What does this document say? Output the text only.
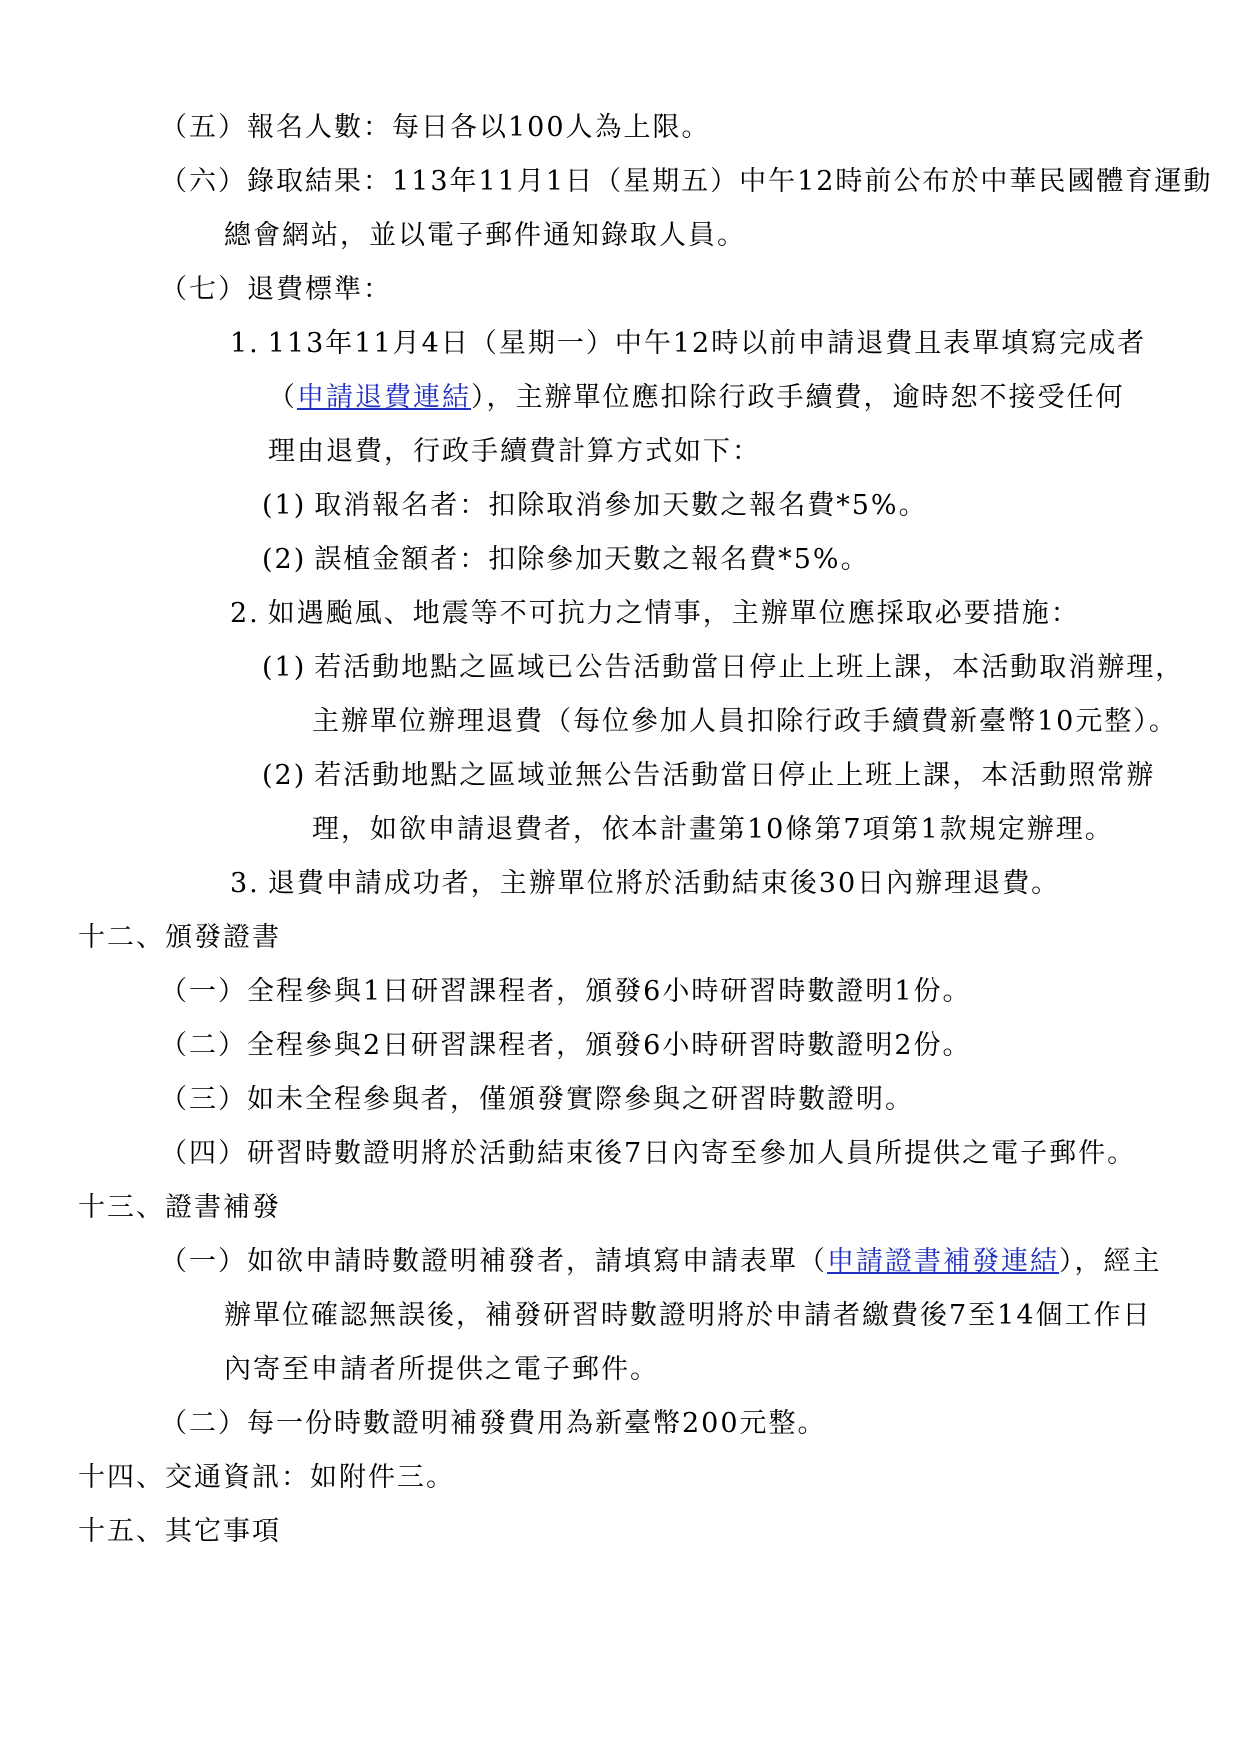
（五）報名人數：每日各以100人為上限。
（六）錄取結果：113年11月1日（星期五）中午12時前公布於中華民國體育運動
總會網站，並以電子郵件通知錄取人員。
（七）退費標準：
1. 113年11月4日（星期一）中午12時以前申請退費且表單填寫完成者
（申請退費連結），主辦單位應扣除行政手續費，逾時恕不接受任何
理由退費，行政手續費計算方式如下：
(1) 取消報名者：扣除取消參加天數之報名費*5%。
(2) 誤植金額者：扣除參加天數之報名費*5%。
2. 如遇颱風、地震等不可抗力之情事，主辦單位應採取必要措施：
(1) 若活動地點之區域已公告活動當日停止上班上課，本活動取消辦理，
主辦單位辦理退費（每位參加人員扣除行政手續費新臺幣10元整）。
(2) 若活動地點之區域並無公告活動當日停止上班上課，本活動照常辦
理，如欲申請退費者，依本計畫第10條第7項第1款規定辦理。
3. 退費申請成功者，主辦單位將於活動結束後30日內辦理退費。
十二、頒發證書
（一）全程參與1日研習課程者，頒發6小時研習時數證明1份。
（二）全程參與2日研習課程者，頒發6小時研習時數證明2份。
（三）如未全程參與者，僅頒發實際參與之研習時數證明。
（四）研習時數證明將於活動結束後7日內寄至參加人員所提供之電子郵件。
十三、證書補發
（一）如欲申請時數證明補發者，請填寫申請表單（申請證書補發連結），經主
辦單位確認無誤後，補發研習時數證明將於申請者繳費後7至14個工作日
內寄至申請者所提供之電子郵件。
（二）每一份時數證明補發費用為新臺幣200元整。
十四、交通資訊：如附件三。
十五、其它事項
